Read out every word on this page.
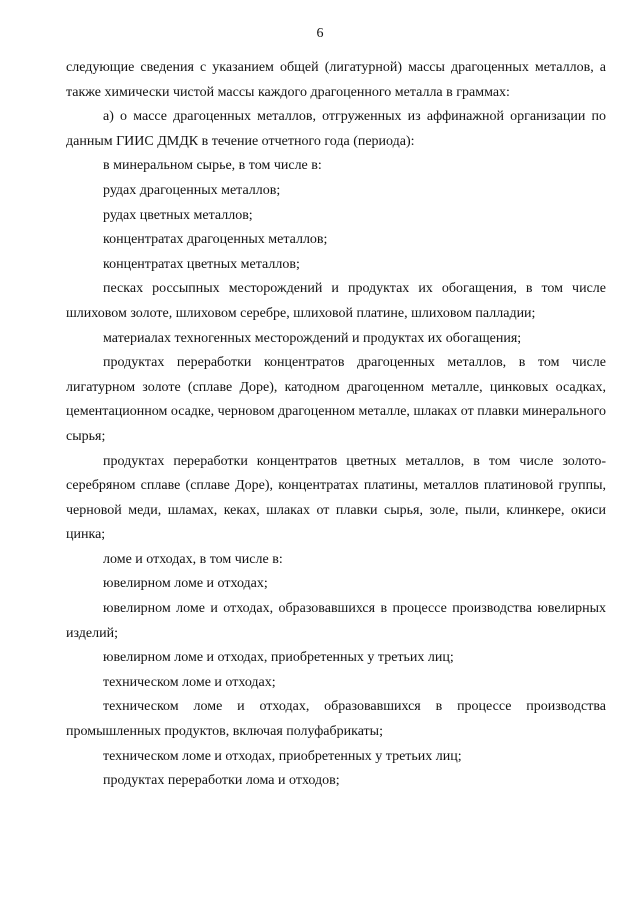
6

следующие сведения с указанием общей (лигатурной) массы драгоценных металлов, а также химически чистой массы каждого драгоценного металла в граммах:

а) о массе драгоценных металлов, отгруженных из аффинажной организации по данным ГИИС ДМДК в течение отчетного года (периода):

в минеральном сырье, в том числе в:

рудах драгоценных металлов;

рудах цветных металлов;

концентратах драгоценных металлов;

концентратах цветных металлов;

песках россыпных месторождений и продуктах их обогащения, в том числе шлиховом золоте, шлиховом серебре, шлиховой платине, шлиховом палладии;

материалах техногенных месторождений и продуктах их обогащения;

продуктах переработки концентратов драгоценных металлов, в том числе лигатурном золоте (сплаве Доре), катодном драгоценном металле, цинковых осадках, цементационном осадке, черновом драгоценном металле, шлаках от плавки минерального сырья;

продуктах переработки концентратов цветных металлов, в том числе золото-серебряном сплаве (сплаве Доре), концентратах платины, металлов платиновой группы, черновой меди, шламах, кеках, шлаках от плавки сырья, золе, пыли, клинкере, окиси цинка;

ломе и отходах, в том числе в:

ювелирном ломе и отходах;

ювелирном ломе и отходах, образовавшихся в процессе производства ювелирных изделий;

ювелирном ломе и отходах, приобретенных у третьих лиц;

техническом ломе и отходах;

техническом ломе и отходах, образовавшихся в процессе производства промышленных продуктов, включая полуфабрикаты;

техническом ломе и отходах, приобретенных у третьих лиц;

продуктах переработки лома и отходов;
